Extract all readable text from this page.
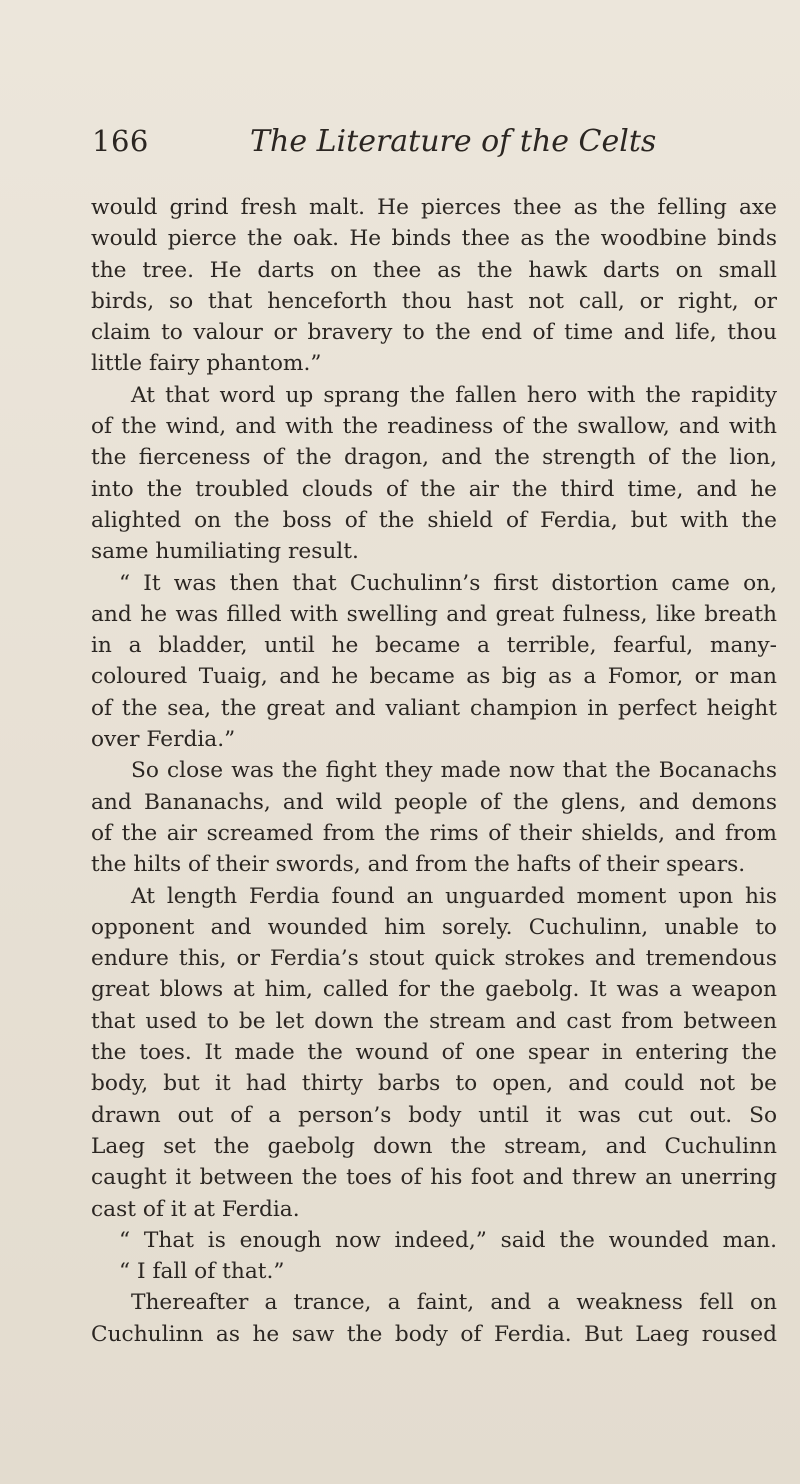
166	The Literature of the Celts
would grind fresh malt. He pierces thee as the felling axe
would pierce the oak. He binds thee as the woodbine binds
the tree. He darts on thee as the hawk darts on small
birds, so that henceforth thou hast not call, or right, or
claim to valour or bravery to the end of time and life, thou
little fairy phantom.”
At that word up sprang the fallen hero with the rapidity
of the wind, and with the readiness of the swallow, and with
the fierceness of the dragon, and the strength of the lion,
into the troubled clouds of the air the third time, and he
alighted on the boss of the shield of Ferdia, but with the
same humiliating result.
“ It was then that Cuchulinn’s first distortion came on,
and he was filled with swelling and great fulness, like breath
in a bladder, until he became a terrible, fearful, many-
coloured Tuaig, and he became as big as a Fomor, or man
of the sea, the great and valiant champion in perfect height
over Ferdia.”
So close was the fight they made now that the Bocanachs
and Bananachs, and wild people of the glens, and demons
of the air screamed from the rims of their shields, and from
the hilts of their swords, and from the hafts of their spears.
At length Ferdia found an unguarded moment upon his
opponent and wounded him sorely. Cuchulinn, unable to
endure this, or Ferdia’s stout quick strokes and tremendous
great blows at him, called for the gaebolg. It was a weapon
that used to be let down the stream and cast from between
the toes. It made the wound of one spear in entering the
body, but it had thirty barbs to open, and could not be
drawn out of a person’s body until it was cut out. So
Laeg set the gaebolg down the stream, and Cuchulinn
caught it between the toes of his foot and threw an unerring
cast of it at Ferdia.
“ That is enough now indeed,” said the wounded man.
“ I fall of that.”
Thereafter a trance, a faint, and a weakness fell on
Cuchulinn as he saw the body of Ferdia. But Laeg roused
